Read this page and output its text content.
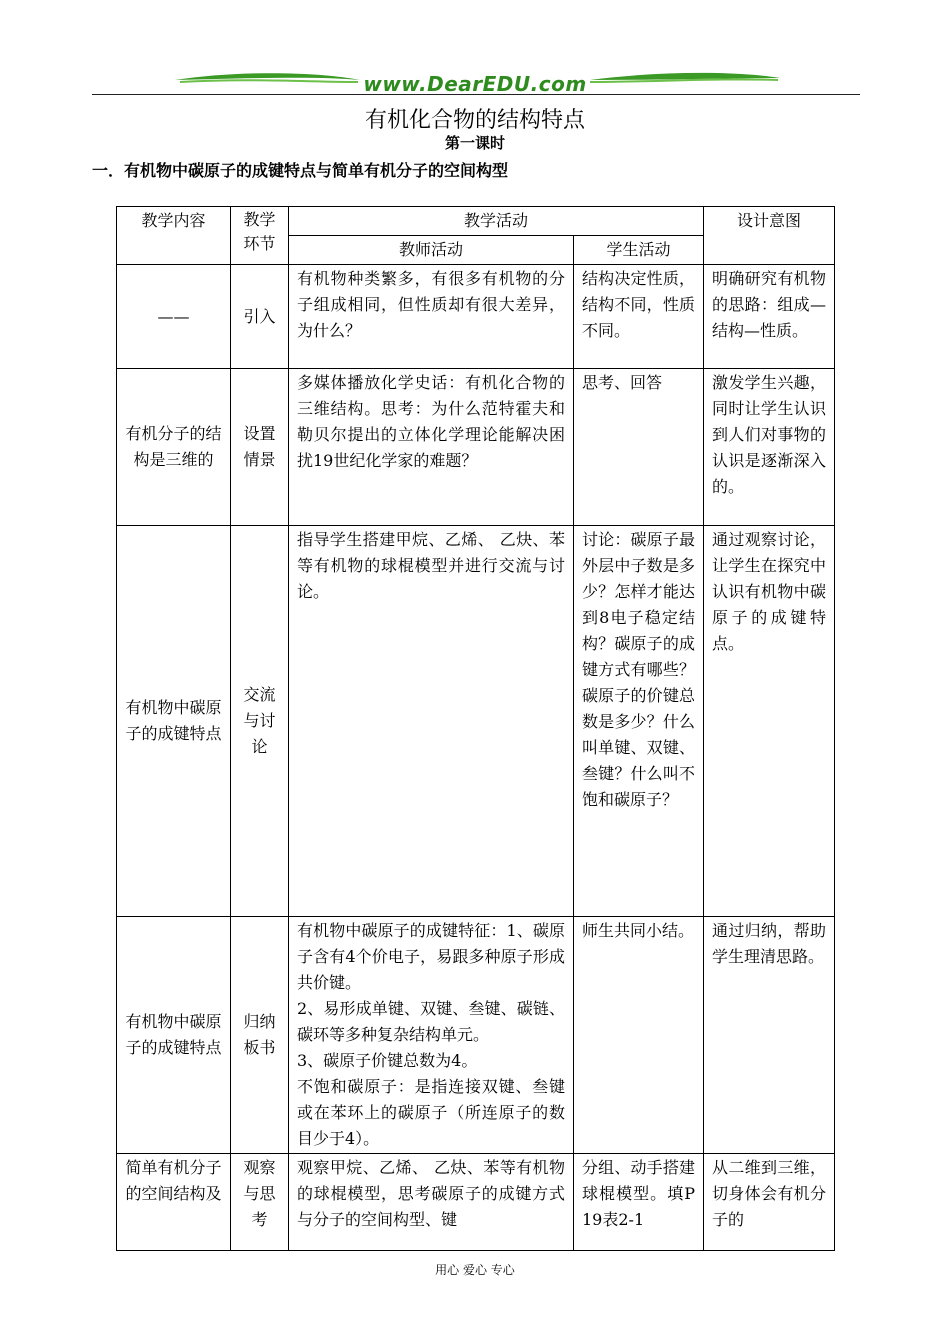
www.DearEDU.com
有机化合物的结构特点
第一课时
一．有机物中碳原子的成键特点与简单有机分子的空间构型
教学内容	教学环节	教学活动		设计意图
		教师活动	学生活动	
——	引入	有机物种类繁多，有很多有机物的分子组成相同，但性质却有很大差异，为什么？	结构决定性质，结构不同，性质不同。	明确研究有机物的思路：组成—结构—性质。
有机分子的结构是三维的	设置情景	多媒体播放化学史话：有机化合物的三维结构。思考：为什么范特霍夫和勒贝尔提出的立体化学理论能解决困扰19世纪化学家的难题？	思考、回答	激发学生兴趣，同时让学生认识到人们对事物的认识是逐渐深入的。
有机物中碳原子的成键特点	交流与讨论	指导学生搭建甲烷、乙烯、 乙炔、苯等有机物的球棍模型并进行交流与讨论。	讨论：碳原子最外层中子数是多少？怎样才能达到8电子稳定结构？碳原子的成键方式有哪些？碳原子的价键总数是多少？什么叫单键、双键、叁键？什么叫不饱和碳原子？	通过观察讨论，让学生在探究中认识有机物中碳原子的成键特点。
有机物中碳原子的成键特点	归纳板书	有机物中碳原子的成键特征：1、碳原子含有4个价电子，易跟多种原子形成共价键。
2、易形成单键、双键、叁键、碳链、碳环等多种复杂结构单元。
3、碳原子价键总数为4。
不饱和碳原子：是指连接双键、叁键或在苯环上的碳原子（所连原子的数目少于4）。	师生共同小结。	通过归纳，帮助学生理清思路。
简单有机分子的空间结构及	观察与思考	观察甲烷、乙烯、 乙炔、苯等有机物的球棍模型，思考碳原子的成键方式与分子的空间构型、键	分组、动手搭建球棍模型。填P19表2-1	从二维到三维，切身体会有机分子的
用心 爱心 专心
